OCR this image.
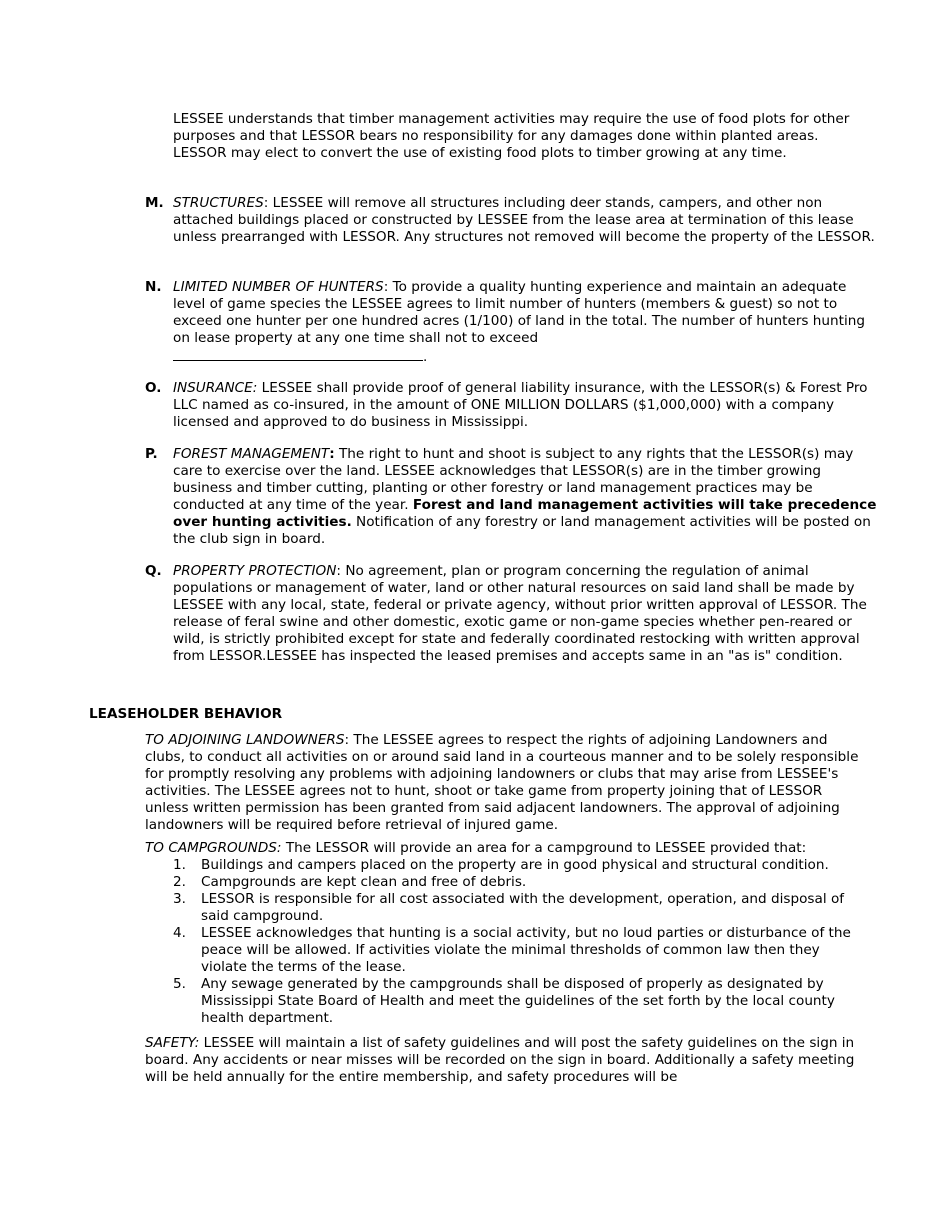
LESSEE understands that timber management activities may require the use of food plots for other purposes and that LESSOR bears no responsibility for any damages done within planted areas. LESSOR may elect to convert the use of existing food plots to timber growing at any time.

M. STRUCTURES: LESSEE will remove all structures including deer stands, campers, and other non attached buildings placed or constructed by LESSEE from the lease area at termination of this lease unless prearranged with LESSOR. Any structures not removed will become the property of the LESSOR.
N. LIMITED NUMBER OF HUNTERS: To provide a quality hunting experience and maintain an adequate level of game species the LESSEE agrees to limit number of hunters (members & guest) so not to exceed one hunter per one hundred acres (1/100) of land in the total. The number of hunters hunting on lease property at any one time shall not to exceed
.
O. INSURANCE: LESSEE shall provide proof of general liability insurance, with the LESSOR(s) & Forest Pro LLC named as co-insured, in the amount of ONE MILLION DOLLARS ($1,000,000) with a company licensed and approved to do business in Mississippi.
P. FOREST MANAGEMENT: The right to hunt and shoot is subject to any rights that the LESSOR(s) may care to exercise over the land. LESSEE acknowledges that LESSOR(s) are in the timber growing business and timber cutting, planting or other forestry or land management practices may be conducted at any time of the year. Forest and land management activities will take precedence over hunting activities. Notification of any forestry or land management activities will be posted on the club sign in board.
Q. PROPERTY PROTECTION: No agreement, plan or program concerning the regulation of animal populations or management of water, land or other natural resources on said land shall be made by LESSEE with any local, state, federal or private agency, without prior written approval of LESSOR. The release of feral swine and other domestic, exotic game or non-game species whether pen-reared or wild, is strictly prohibited except for state and federally coordinated restocking with written approval from LESSOR.LESSEE has inspected the leased premises and accepts same in an "as is" condition.

LEASEHOLDER BEHAVIOR

TO ADJOINING LANDOWNERS: The LESSEE agrees to respect the rights of adjoining Landowners and clubs, to conduct all activities on or around said land in a courteous manner and to be solely responsible for promptly resolving any problems with adjoining landowners or clubs that may arise from LESSEE's activities. The LESSEE agrees not to hunt, shoot or take game from property joining that of LESSOR unless written permission has been granted from said adjacent landowners. The approval of adjoining landowners will be required before retrieval of injured game.

TO CAMPGROUNDS: The LESSOR will provide an area for a campground to LESSEE provided that:

1. Buildings and campers placed on the property are in good physical and structural condition.
2. Campgrounds are kept clean and free of debris.
3. LESSOR is responsible for all cost associated with the development, operation, and disposal of said campground.
4. LESSEE acknowledges that hunting is a social activity, but no loud parties or disturbance of the peace will be allowed. If activities violate the minimal thresholds of common law then they violate the terms of the lease.
5. Any sewage generated by the campgrounds shall be disposed of properly as designated by Mississippi State Board of Health and meet the guidelines of the set forth by the local county health department.

SAFETY: LESSEE will maintain a list of safety guidelines and will post the safety guidelines on the sign in board. Any accidents or near misses will be recorded on the sign in board. Additionally a safety meeting will be held annually for the entire membership, and safety procedures will be
